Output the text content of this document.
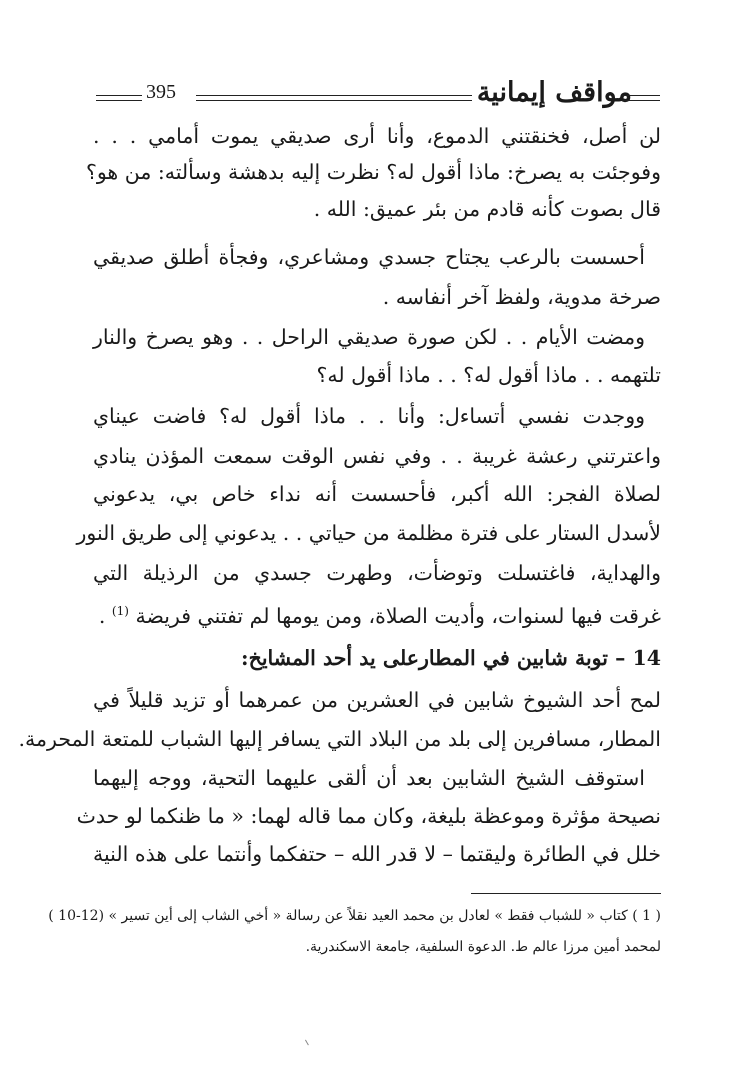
مواقف إيمانية
395
لن أصل، فخنقتني الدموع، وأنا أرى صديقي يموت أمامي . . .
وفوجئت به يصرخ: ماذا أقول له؟ نظرت إليه بدهشة وسألته: من هو؟
قال بصوت كأنه قادم من بئر عميق: الله .
أحسست بالرعب يجتاح جسدي ومشاعري، وفجأة أطلق صديقي
صرخة مدوية، ولفظ آخر أنفاسه .
ومضت الأيام . . لكن صورة صديقي الراحل . . وهو يصرخ والنار
تلتهمه . . ماذا أقول له؟ . . ماذا أقول له؟
ووجدت نفسي أتساءل: وأنا . . ماذا أقول له؟ فاضت عيناي
واعترتني رعشة غريبة . . وفي نفس الوقت سمعت المؤذن ينادي
لصلاة الفجر: الله أكبر، فأحسست أنه نداء خاص بي، يدعوني
لأسدل الستار على فترة مظلمة من حياتي . . يدعوني إلى طريق النور
والهداية، فاغتسلت وتوضأت، وطهرت جسدي من الرذيلة التي
غرقت فيها لسنوات، وأديت الصلاة، ومن يومها لم تفتني فريضة $^{(1)}$ .
14 – توبة شابين في المطارعلى يد أحد المشايخ:
لمح أحد الشيوخ شابين في العشرين من عمرهما أو تزيد قليلاً في
المطار، مسافرين إلى بلد من البلاد التي يسافر إليها الشباب للمتعة المحرمة.
استوقف الشيخ الشابين بعد أن ألقى عليهما التحية، ووجه إليهما
نصيحة مؤثرة وموعظة بليغة، وكان مما قاله لهما: « ما ظنكما لو حدث
خلل في الطائرة وليقتما – لا قدر الله – حتفكما وأنتما على هذه النية
( 1 ) كتاب « للشباب فقط » لعادل بن محمد العيد نقلاً عن رسالة « أخي الشاب إلى أين تسير » (12-10 )
لمحمد أمين مرزا عالم ط. الدعوة السلفية، جامعة الاسكندرية.
